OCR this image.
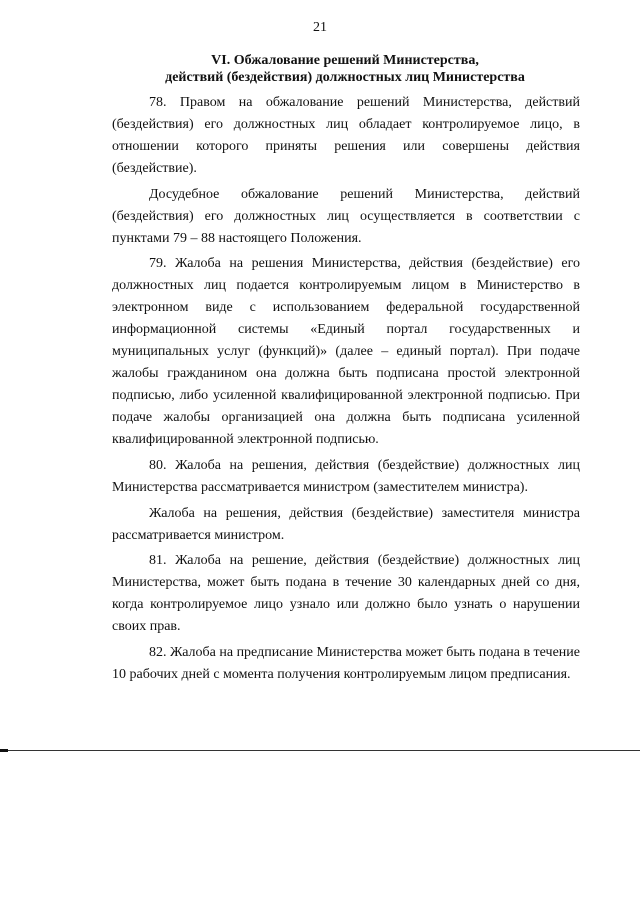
21
VI. Обжалование решений Министерства,
действий (бездействия) должностных лиц Министерства

78. Правом на обжалование решений Министерства, действий (бездействия) его должностных лиц обладает контролируемое лицо, в отношении которого приняты решения или совершены действия (бездействие).

Досудебное обжалование решений Министерства, действий (бездействия) его должностных лиц осуществляется в соответствии с пунктами 79 – 88 настоящего Положения.

79. Жалоба на решения Министерства, действия (бездействие) его должностных лиц подается контролируемым лицом в Министерство в электронном виде с использованием федеральной государственной информационной системы «Единый портал государственных и муниципальных услуг (функций)» (далее – единый портал). При подаче жалобы гражданином она должна быть подписана простой электронной подписью, либо усиленной квалифицированной электронной подписью. При подаче жалобы организацией она должна быть подписана усиленной квалифицированной электронной подписью.

80. Жалоба на решения, действия (бездействие) должностных лиц Министерства рассматривается министром (заместителем министра).

Жалоба на решения, действия (бездействие) заместителя министра рассматривается министром.

81. Жалоба на решение, действия (бездействие) должностных лиц Министерства, может быть подана в течение 30 календарных дней со дня, когда контролируемое лицо узнало или должно было узнать о нарушении своих прав.

82. Жалоба на предписание Министерства может быть подана в течение 10 рабочих дней с момента получения контролируемым лицом предписания.
